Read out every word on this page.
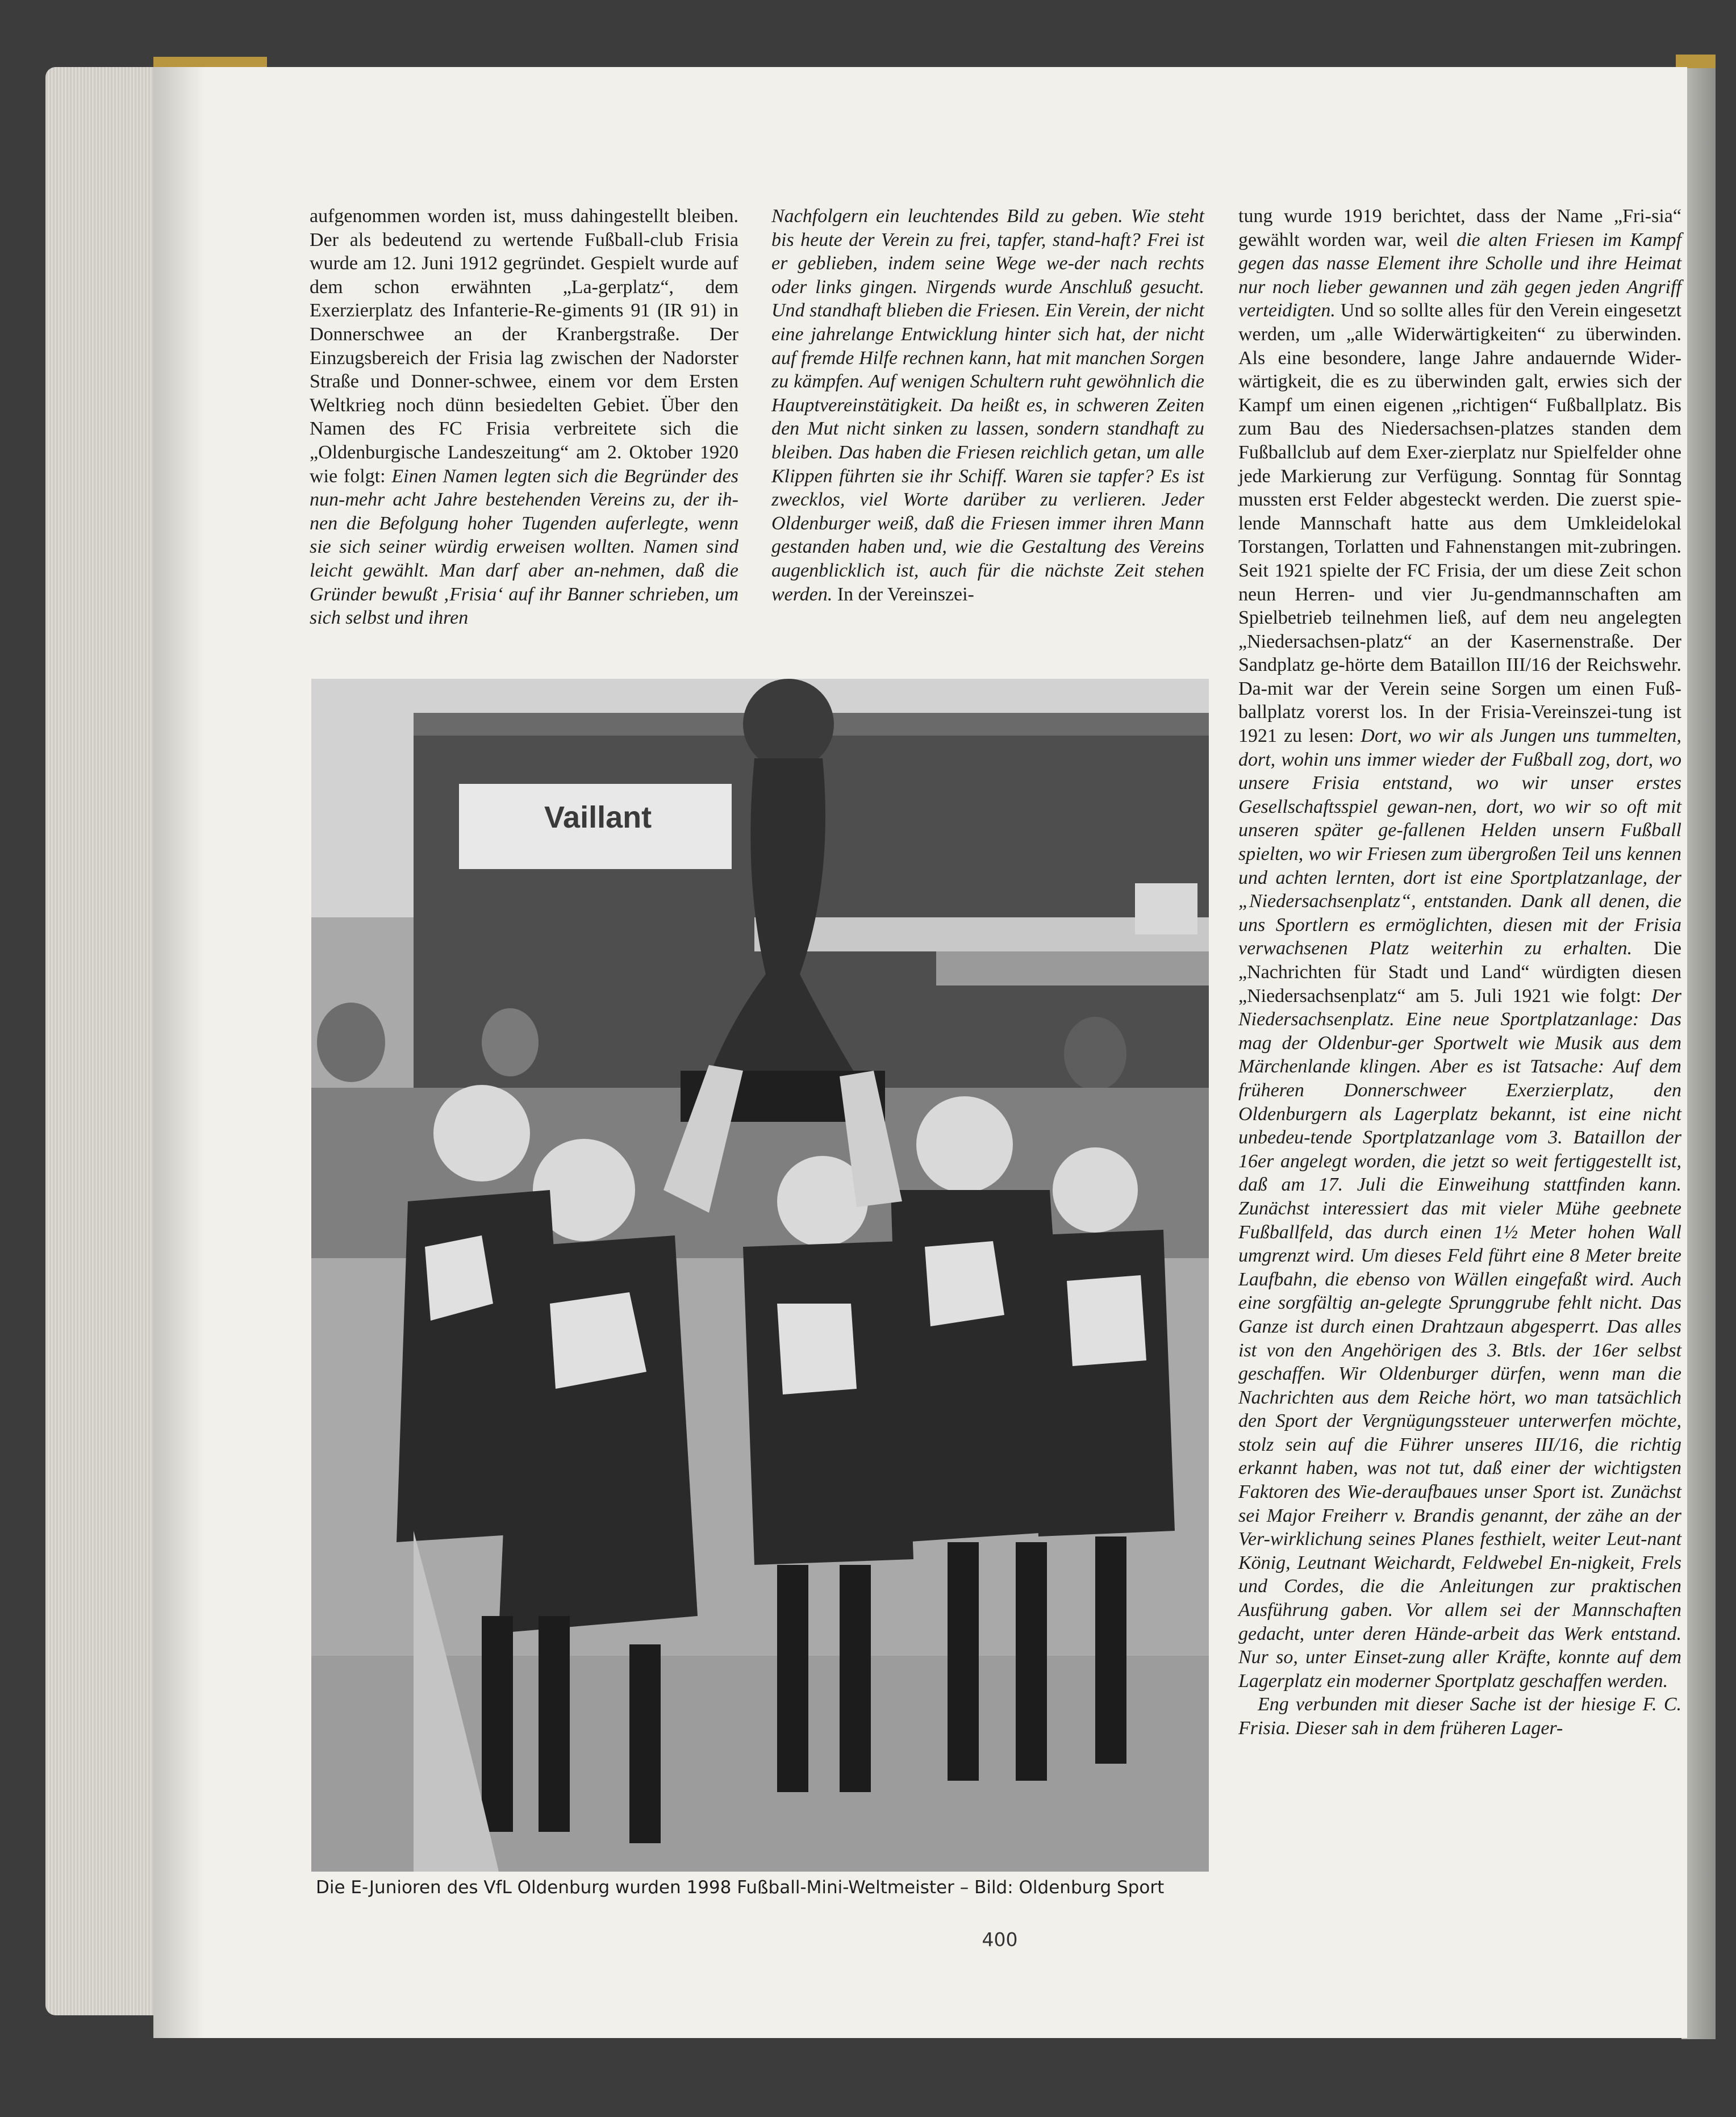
aufgenommen worden ist, muss dahingestellt bleiben. Der als bedeutend zu wertende Fußball-club Frisia wurde am 12. Juni 1912 gegründet. Gespielt wurde auf dem schon erwähnten „La-gerplatz“, dem Exerzierplatz des Infanterie-Re-giments 91 (IR 91) in Donnerschwee an der Kranbergstraße. Der Einzugsbereich der Frisia lag zwischen der Nadorster Straße und Donner-schwee, einem vor dem Ersten Weltkrieg noch dünn besiedelten Gebiet. Über den Namen des FC Frisia verbreitete sich die „Oldenburgische Landeszeitung“ am 2. Oktober 1920 wie folgt: Einen Namen legten sich die Begründer des nun-mehr acht Jahre bestehenden Vereins zu, der ih-nen die Befolgung hoher Tugenden auferlegte, wenn sie sich seiner würdig erweisen wollten. Namen sind leicht gewählt. Man darf aber an-nehmen, daß die Gründer bewußt ‚Frisia‘ auf ihr Banner schrieben, um sich selbst und ihren

Nachfolgern ein leuchtendes Bild zu geben. Wie steht bis heute der Verein zu frei, tapfer, stand-haft? Frei ist er geblieben, indem seine Wege we-der nach rechts oder links gingen. Nirgends wurde Anschluß gesucht. Und standhaft blieben die Friesen. Ein Verein, der nicht eine jahrelange Entwicklung hinter sich hat, der nicht auf fremde Hilfe rechnen kann, hat mit manchen Sorgen zu kämpfen. Auf wenigen Schultern ruht gewöhnlich die Hauptvereinstätigkeit. Da heißt es, in schweren Zeiten den Mut nicht sinken zu lassen, sondern standhaft zu bleiben. Das haben die Friesen reichlich getan, um alle Klippen führten sie ihr Schiff. Waren sie tapfer? Es ist zwecklos, viel Worte darüber zu verlieren. Jeder Oldenburger weiß, daß die Friesen immer ihren Mann gestanden haben und, wie die Gestaltung des Vereins augenblicklich ist, auch für die nächste Zeit stehen werden. In der Vereinszei-

tung wurde 1919 berichtet, dass der Name „Fri-sia“ gewählt worden war, weil die alten Friesen im Kampf gegen das nasse Element ihre Scholle und ihre Heimat nur noch lieber gewannen und zäh gegen jeden Angriff verteidigten. Und so sollte alles für den Verein eingesetzt werden, um „alle Widerwärtigkeiten“ zu überwinden. Als eine besondere, lange Jahre andauernde Wider-wärtigkeit, die es zu überwinden galt, erwies sich der Kampf um einen eigenen „richtigen“ Fußballplatz. Bis zum Bau des Niedersachsen-platzes standen dem Fußballclub auf dem Exer-zierplatz nur Spielfelder ohne jede Markierung zur Verfügung. Sonntag für Sonntag mussten erst Felder abgesteckt werden. Die zuerst spie-lende Mannschaft hatte aus dem Umkleidelokal Torstangen, Torlatten und Fahnenstangen mit-zubringen. Seit 1921 spielte der FC Frisia, der um diese Zeit schon neun Herren- und vier Ju-gendmannschaften am Spielbetrieb teilnehmen ließ, auf dem neu angelegten „Niedersachsen-platz“ an der Kasernenstraße. Der Sandplatz ge-hörte dem Bataillon III/16 der Reichswehr. Da-mit war der Verein seine Sorgen um einen Fuß-ballplatz vorerst los. In der Frisia-Vereinszei-tung ist 1921 zu lesen: Dort, wo wir als Jungen uns tummelten, dort, wohin uns immer wieder der Fußball zog, dort, wo unsere Frisia entstand, wo wir unser erstes Gesellschaftsspiel gewan-nen, dort, wo wir so oft mit unseren später ge-fallenen Helden unsern Fußball spielten, wo wir Friesen zum übergroßen Teil uns kennen und achten lernten, dort ist eine Sportplatzanlage, der „Niedersachsenplatz“, entstanden. Dank all denen, die uns Sportlern es ermöglichten, diesen mit der Frisia verwachsenen Platz weiterhin zu erhalten. Die „Nachrichten für Stadt und Land“ würdigten diesen „Niedersachsenplatz“ am 5. Juli 1921 wie folgt: Der Niedersachsenplatz. Eine neue Sportplatzanlage: Das mag der Oldenbur-ger Sportwelt wie Musik aus dem Märchenlande klingen. Aber es ist Tatsache: Auf dem früheren Donnerschweer Exerzierplatz, den Oldenburgern als Lagerplatz bekannt, ist eine nicht unbedeu-tende Sportplatzanlage vom 3. Bataillon der 16er angelegt worden, die jetzt so weit fertiggestellt ist, daß am 17. Juli die Einweihung stattfinden kann. Zunächst interessiert das mit vieler Mühe geebnete Fußballfeld, das durch einen 1½ Meter hohen Wall umgrenzt wird. Um dieses Feld führt eine 8 Meter breite Laufbahn, die ebenso von Wällen eingefaßt wird. Auch eine sorgfältig an-gelegte Sprunggrube fehlt nicht. Das Ganze ist durch einen Drahtzaun abgesperrt. Das alles ist von den Angehörigen des 3. Btls. der 16er selbst geschaffen. Wir Oldenburger dürfen, wenn man die Nachrichten aus dem Reiche hört, wo man tatsächlich den Sport der Vergnügungssteuer unterwerfen möchte, stolz sein auf die Führer unseres III/16, die richtig erkannt haben, was not tut, daß einer der wichtigsten Faktoren des Wie-deraufbaues unser Sport ist. Zunächst sei Major Freiherr v. Brandis genannt, der zähe an der Ver-wirklichung seines Planes festhielt, weiter Leut-nant König, Leutnant Weichardt, Feldwebel En-nigkeit, Frels und Cordes, die die Anleitungen zur praktischen Ausführung gaben. Vor allem sei der Mannschaften gedacht, unter deren Hände-arbeit das Werk entstand. Nur so, unter Einset-zung aller Kräfte, konnte auf dem Lagerplatz ein moderner Sportplatz geschaffen werden.

Eng verbunden mit dieser Sache ist der hiesige F. C. Frisia. Dieser sah in dem früheren Lager-

Vaillant
Die E-Junioren des VfL Oldenburg wurden 1998 Fußball-Mini-Weltmeister – Bild: Oldenburg Sport
400
